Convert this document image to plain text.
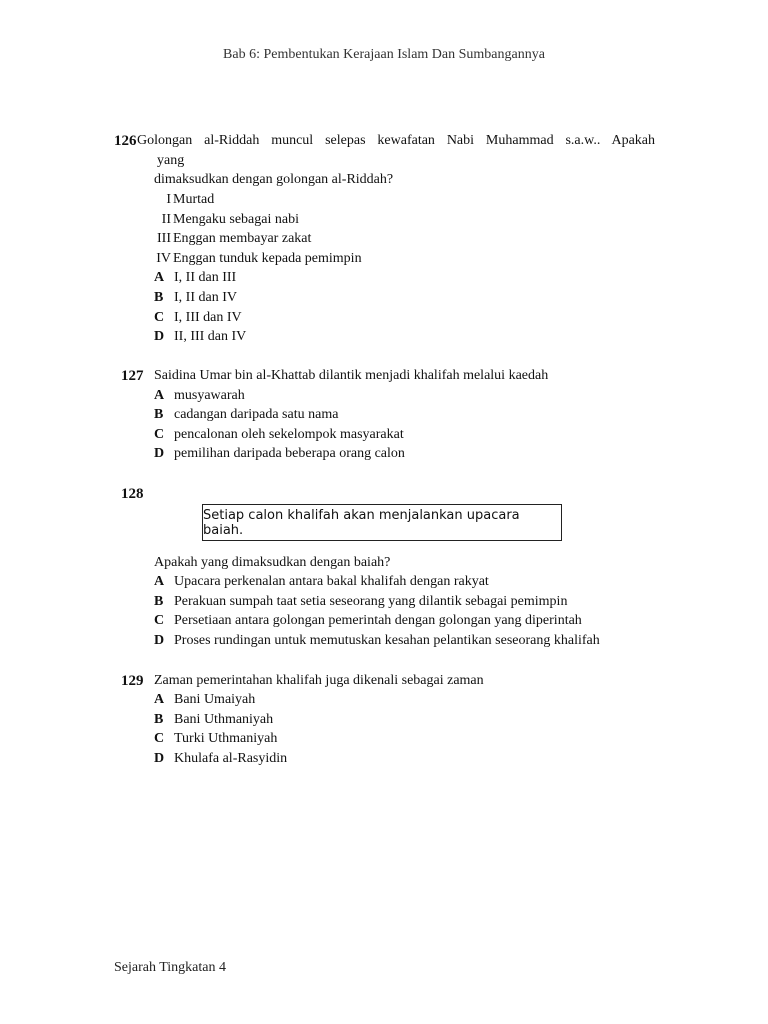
Bab 6: Pembentukan Kerajaan Islam Dan Sumbangannya
126 Golongan al-Riddah muncul selepas kewafatan Nabi Muhammad s.a.w.. Apakah
yang
dimaksudkan dengan golongan al-Riddah?
I Murtad
II Mengaku sebagai nabi
III Enggan membayar zakat
IV Enggan tunduk kepada pemimpin
A I, II dan III
B I, II dan IV
C I, III dan IV
D II, III dan IV
127 Saidina Umar bin al-Khattab dilantik menjadi khalifah melalui kaedah
A musyawarah
B cadangan daripada satu nama
C pencalonan oleh sekelompok masyarakat
D pemilihan daripada beberapa orang calon
128
Setiap calon khalifah akan menjalankan upacara baiah.
Apakah yang dimaksudkan dengan baiah?
A Upacara perkenalan antara bakal khalifah dengan rakyat
B Perakuan sumpah taat setia seseorang yang dilantik sebagai pemimpin
C Persetiaan antara golongan pemerintah dengan golongan yang diperintah
D Proses rundingan untuk memutuskan kesahan pelantikan seseorang khalifah
129 Zaman pemerintahan khalifah juga dikenali sebagai zaman
A Bani Umaiyah
B Bani Uthmaniyah
C Turki Uthmaniyah
D Khulafa al-Rasyidin
Sejarah Tingkatan 4
